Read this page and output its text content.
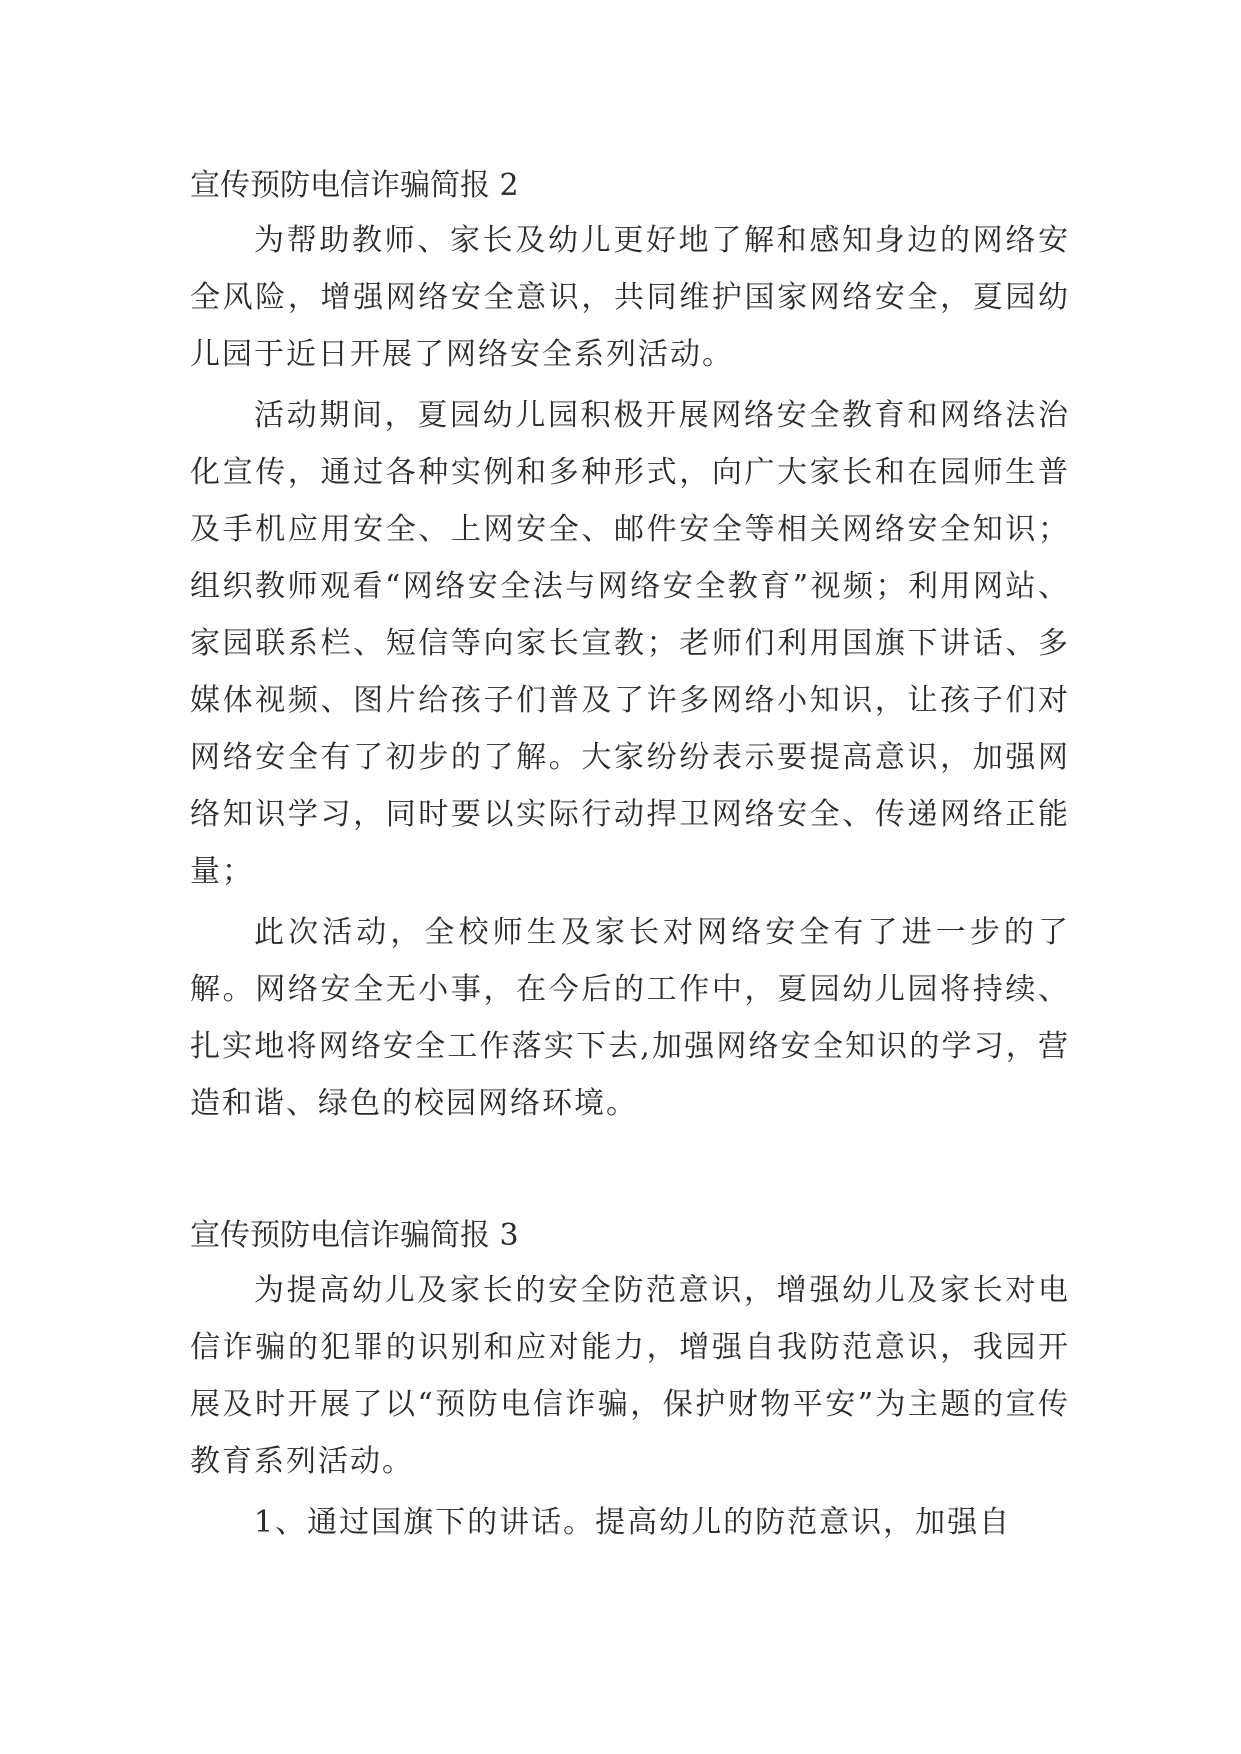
宣传预防电信诈骗简报 2

为帮助教师、家长及幼儿更好地了解和感知身边的网络安全风险，增强网络安全意识，共同维护国家网络安全，夏园幼儿园于近日开展了网络安全系列活动。

活动期间，夏园幼儿园积极开展网络安全教育和网络法治化宣传，通过各种实例和多种形式，向广大家长和在园师生普及手机应用安全、上网安全、邮件安全等相关网络安全知识；组织教师观看“网络安全法与网络安全教育”视频；利用网站、家园联系栏、短信等向家长宣教；老师们利用国旗下讲话、多媒体视频、图片给孩子们普及了许多网络小知识，让孩子们对网络安全有了初步的了解。大家纷纷表示要提高意识，加强网络知识学习，同时要以实际行动捍卫网络安全、传递网络正能量；

此次活动，全校师生及家长对网络安全有了进一步的了解。网络安全无小事，在今后的工作中，夏园幼儿园将持续、扎实地将网络安全工作落实下去,加强网络安全知识的学习，营造和谐、绿色的校园网络环境。

宣传预防电信诈骗简报 3

为提高幼儿及家长的安全防范意识，增强幼儿及家长对电信诈骗的犯罪的识别和应对能力，增强自我防范意识，我园开展及时开展了以“预防电信诈骗，保护财物平安”为主题的宣传教育系列活动。

1、通过国旗下的讲话。提高幼儿的防范意识，加强自
